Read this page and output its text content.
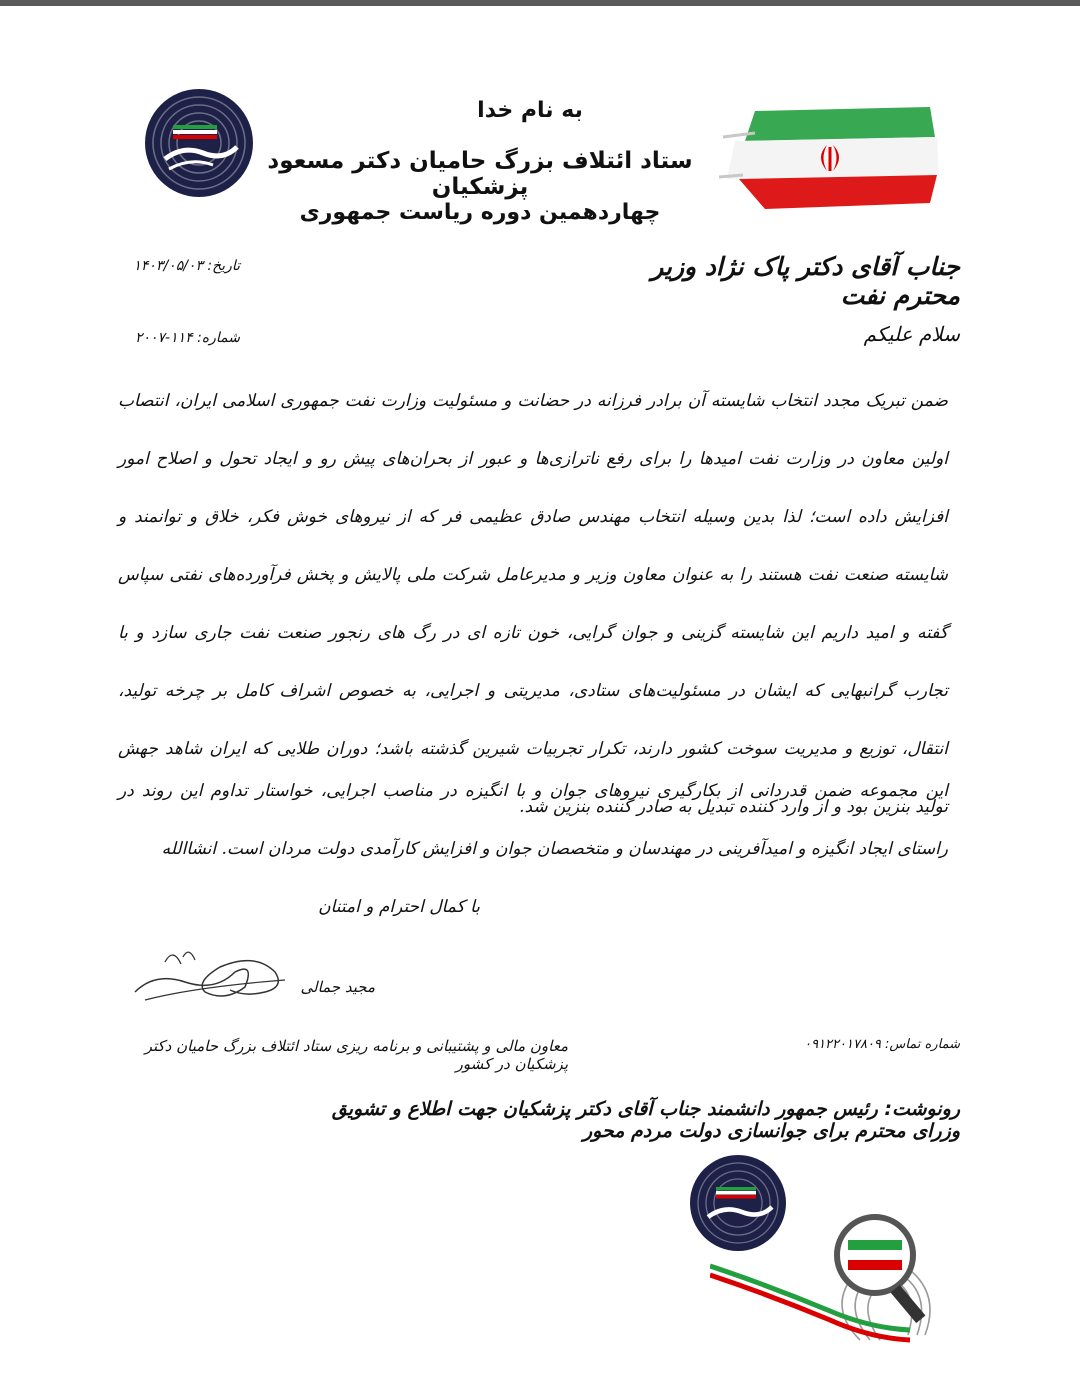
به نام خدا
ستاد ائتلاف بزرگ حامیان دکتر مسعود پزشکیان
چهاردهمین دوره ریاست جمهوری
تاریخ: ۱۴۰۳/۰۵/۰۳
شماره: ۱۱۴-۲۰۰۷
جناب آقای دکتر پاک نژاد وزیر محترم نفت
سلام علیکم
ضمن تبریک مجدد انتخاب شایسته آن برادر فرزانه در حضانت و مسئولیت وزارت نفت جمهوری اسلامی ایران، انتصاب اولین معاون در وزارت نفت امیدها را برای رفع ناترازی‌ها و عبور از بحران‌های پیش رو و ایجاد تحول و اصلاح امور افزایش داده است؛ لذا بدین وسیله انتخاب مهندس صادق عظیمی فر که از نیروهای خوش فکر، خلاق و توانمند و شایسته صنعت نفت هستند را به عنوان معاون وزیر و مدیرعامل شرکت ملی پالایش و پخش فرآورده‌های نفتی سپاس گفته و امید داریم این شایسته گزینی و جوان گرایی، خون تازه ای در رگ های رنجور صنعت نفت جاری سازد و با تجارب گرانبهایی که ایشان در مسئولیت‌های ستادی، مدیریتی و اجرایی، به خصوص اشراف کامل بر چرخه تولید، انتقال، توزیع و مدیریت سوخت کشور دارند، تکرار تجربیات شیرین گذشته باشد؛ دوران طلایی که ایران شاهد جهش تولید بنزین بود و از وارد کننده تبدیل به صادر کننده بنزین شد.
این مجموعه ضمن قدردانی از بکارگیری نیروهای جوان و با انگیزه در مناصب اجرایی، خواستار تداوم این روند در راستای ایجاد انگیزه و امیدآفرینی در مهندسان و متخصصان جوان و افزایش کارآمدی دولت مردان است. انشاالله
با کمال احترام و امتنان
مجید جمالی
شماره تماس: ۰۹۱۲۲۰۱۷۸۰۹
معاون مالی و پشتیبانی و برنامه ریزی ستاد ائتلاف بزرگ حامیان دکتر پزشکیان در کشور
رونوشت: رئیس جمهور دانشمند جناب آقای دکتر پزشکیان جهت اطلاع و تشویق وزرای محترم برای جوانسازی دولت مردم محور
